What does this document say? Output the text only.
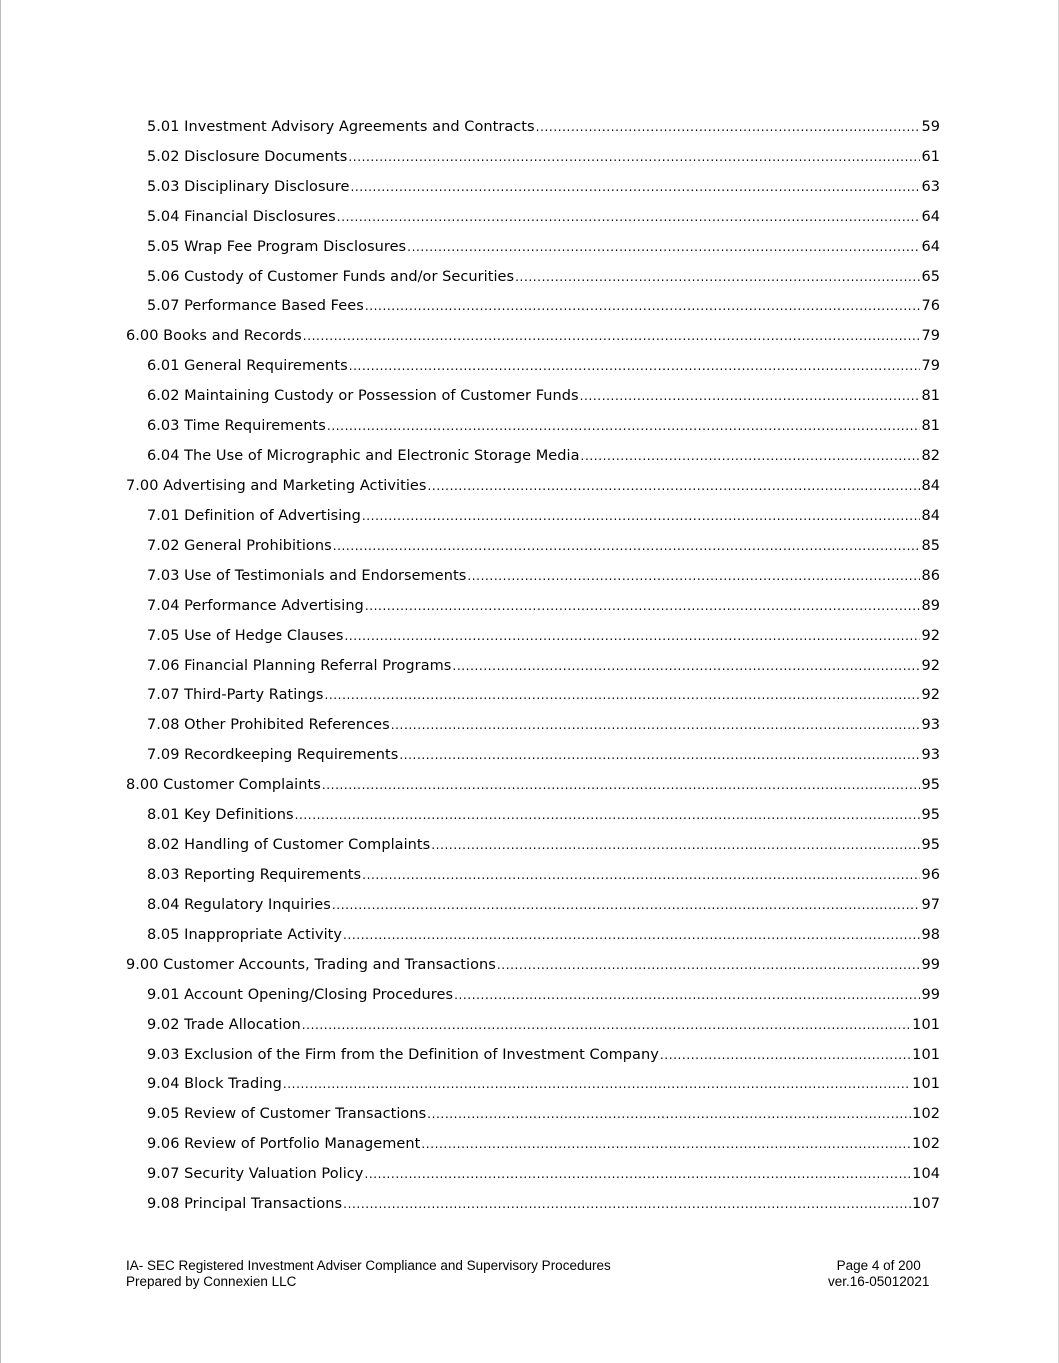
5.01 Investment Advisory Agreements and Contracts .....	59
5.02 Disclosure Documents .....	61
5.03 Disciplinary Disclosure .....	63
5.04 Financial Disclosures .....	64
5.05 Wrap Fee Program Disclosures .....	64
5.06 Custody of Customer Funds and/or Securities .....	65
5.07 Performance Based Fees .....	76
6.00 Books and Records .....	79
6.01 General Requirements .....	79
6.02 Maintaining Custody or Possession of Customer Funds .....	81
6.03 Time Requirements .....	81
6.04 The Use of Micrographic and Electronic Storage Media .....	82
7.00 Advertising and Marketing Activities .....	84
7.01 Definition of Advertising .....	84
7.02 General Prohibitions .....	85
7.03 Use of Testimonials and Endorsements .....	86
7.04 Performance Advertising .....	89
7.05 Use of Hedge Clauses .....	92
7.06 Financial Planning Referral Programs .....	92
7.07 Third-Party Ratings .....	92
7.08 Other Prohibited References .....	93
7.09 Recordkeeping Requirements .....	93
8.00 Customer Complaints .....	95
8.01 Key Definitions .....	95
8.02 Handling of Customer Complaints .....	95
8.03 Reporting Requirements .....	96
8.04 Regulatory Inquiries .....	97
8.05 Inappropriate Activity .....	98
9.00 Customer Accounts, Trading and Transactions .....	99
9.01 Account Opening/Closing Procedures .....	99
9.02 Trade Allocation .....	101
9.03 Exclusion of the Firm from the Definition of Investment Company .....	101
9.04 Block Trading .....	101
9.05 Review of Customer Transactions .....	102
9.06 Review of Portfolio Management .....	102
9.07 Security Valuation Policy .....	104
9.08 Principal Transactions .....	107
IA- SEC Registered Investment Adviser Compliance and Supervisory Procedures
Prepared by Connexien LLC
Page 4 of 200
ver.16-05012021
